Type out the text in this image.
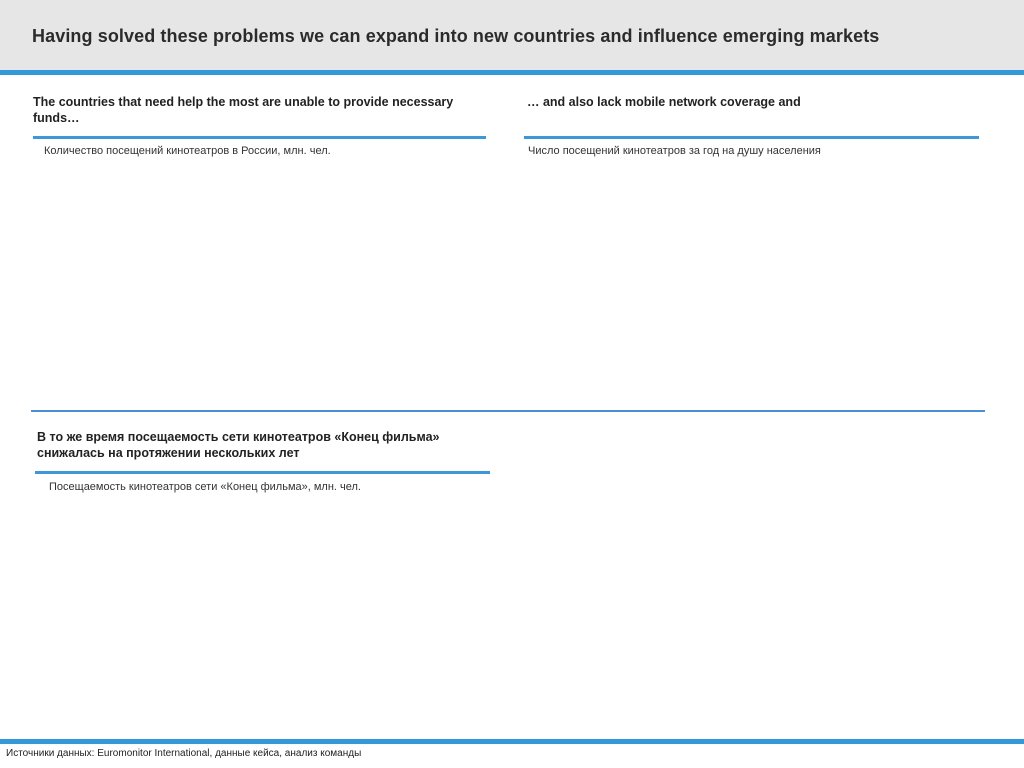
Having solved these problems we can expand into new countries and influence emerging markets
The countries that need help the most are unable to provide necessary funds…
Количество посещений кинотеатров в России, млн. чел.
… and also lack mobile network coverage and
Число посещений кинотеатров за год на душу населения
В то же время посещаемость сети кинотеатров «Конец фильма» снижалась на протяжении нескольких лет
Посещаемость кинотеатров сети «Конец фильма», млн. чел.
Источники данных: Euromonitor International, данные кейса, анализ команды
